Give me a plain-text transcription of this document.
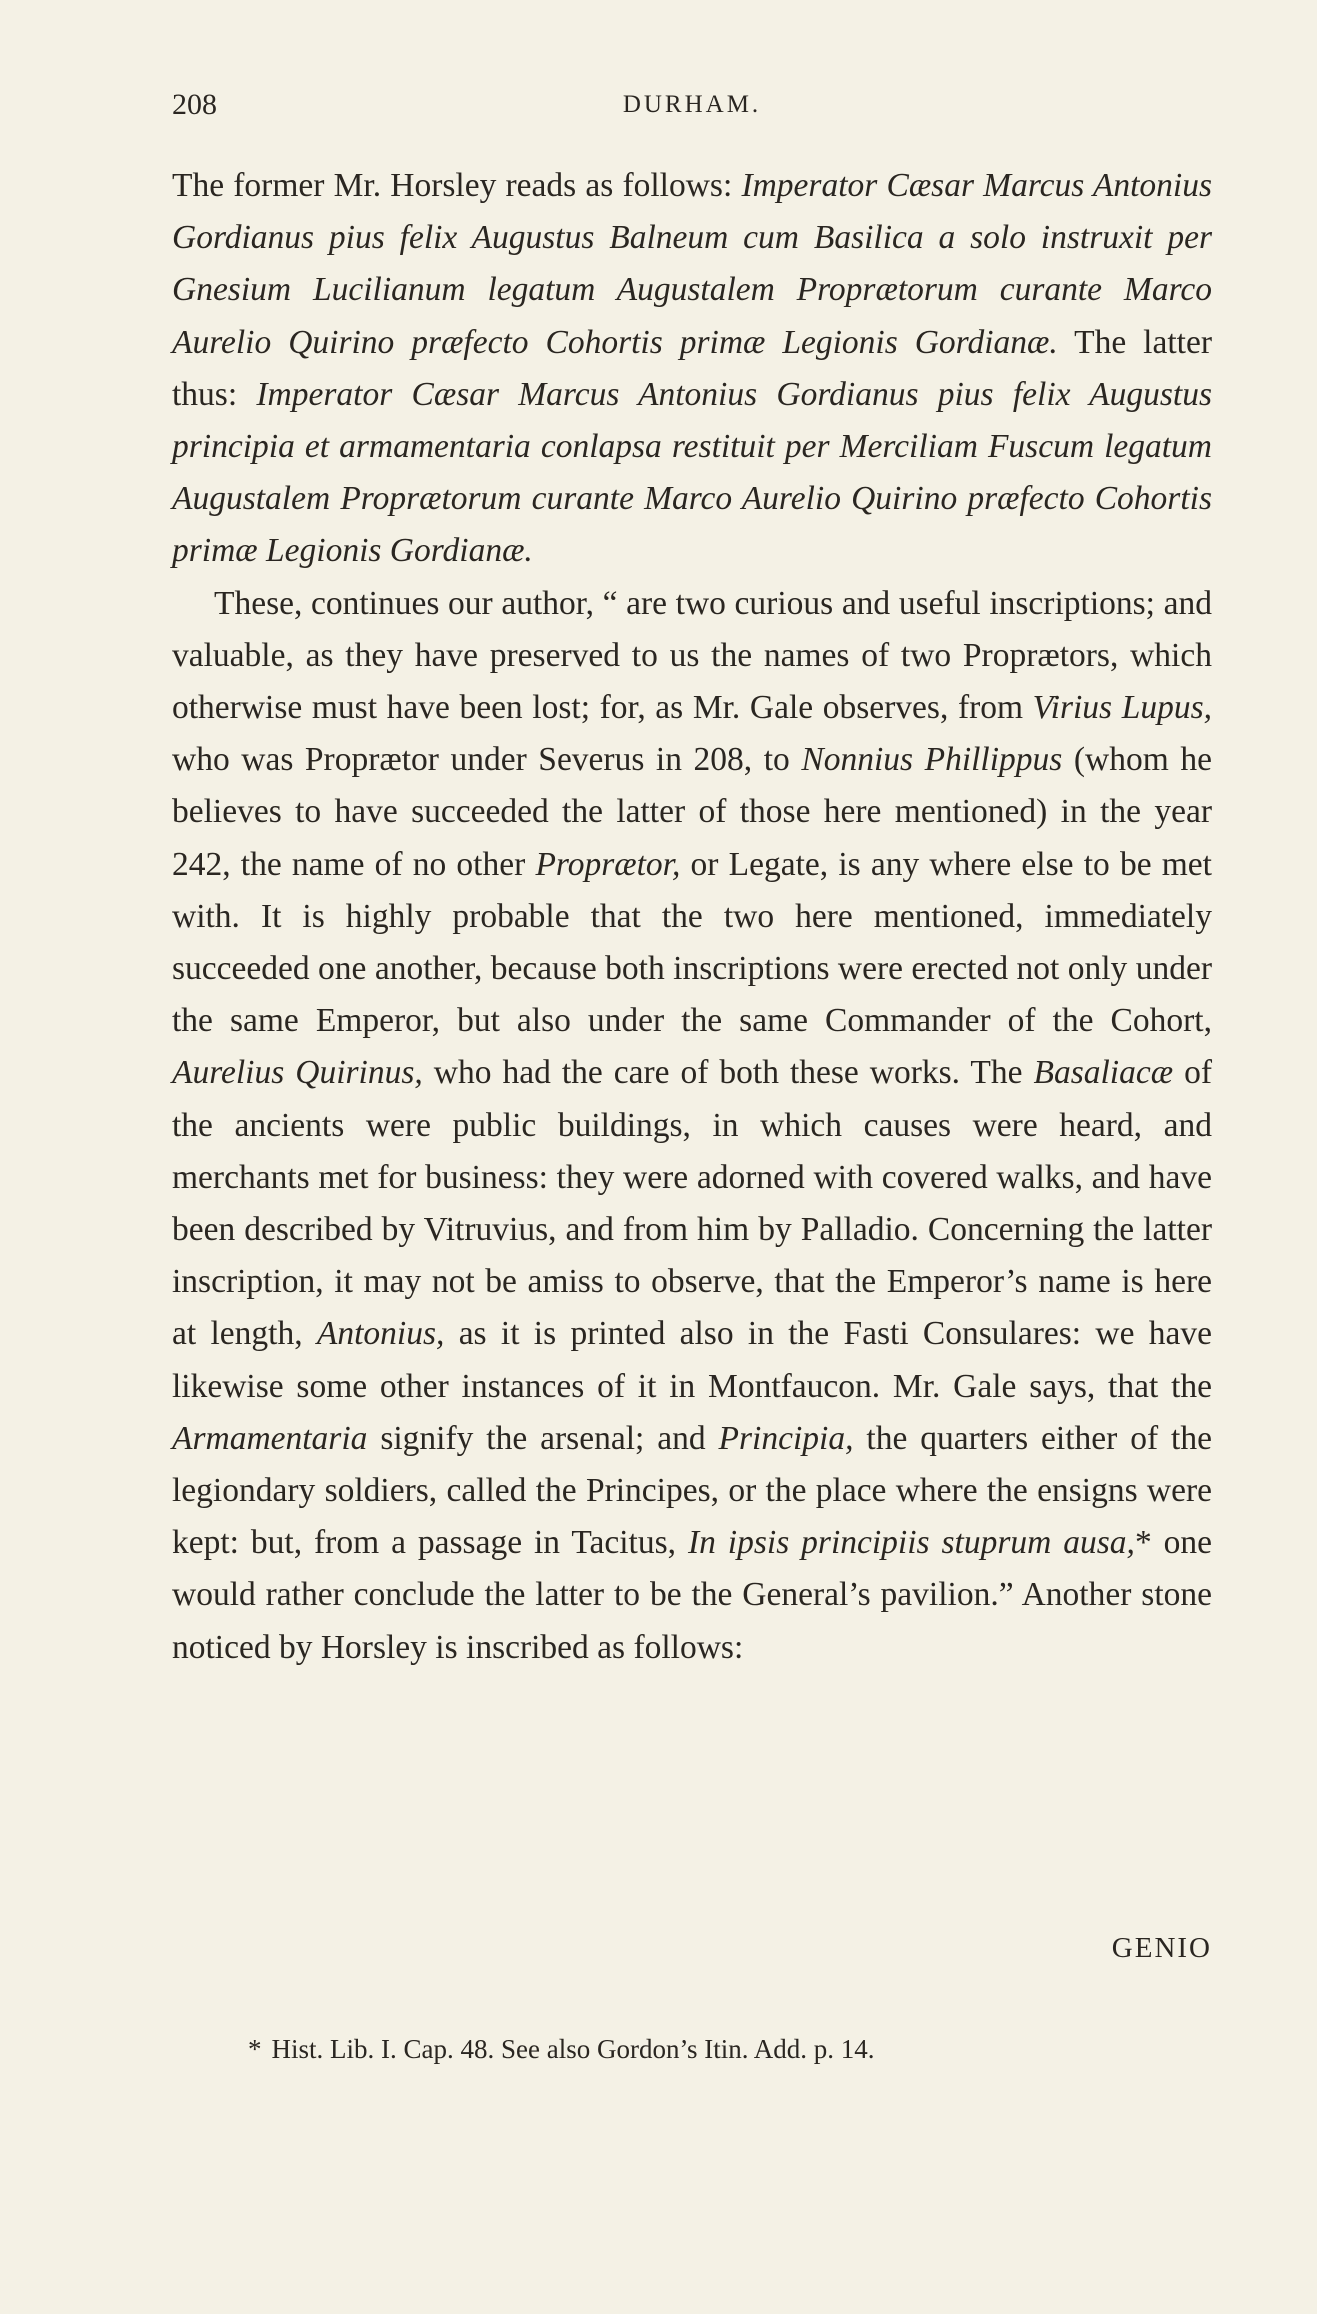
208	DURHAM.

The former Mr. Horsley reads as follows: Imperator Cæsar Marcus Antonius Gordianus pius felix Augustus Balneum cum Basilica a solo instruxit per Gnesium Lucilianum legatum Augustalem Proprætorum curante Marco Aurelio Quirino præfecto Cohortis primæ Legionis Gordianæ. The latter thus: Imperator Cæsar Marcus Antonius Gordianus pius felix Augustus principia et armamentaria conlapsa restituit per Merciliam Fuscum legatum Augustalem Proprætorum curante Marco Aurelio Quirino præfecto Cohortis primæ Legionis Gordianæ.

These, continues our author, “ are two curious and useful inscriptions; and valuable, as they have preserved to us the names of two Proprætors, which otherwise must have been lost; for, as Mr. Gale observes, from Virius Lupus, who was Proprætor under Severus in 208, to Nonnius Phillippus (whom he believes to have succeeded the latter of those here mentioned) in the year 242, the name of no other Proprætor, or Legate, is any where else to be met with. It is highly probable that the two here mentioned, immediately succeeded one another, because both inscriptions were erected not only under the same Emperor, but also under the same Commander of the Cohort, Aurelius Quirinus, who had the care of both these works. The Basaliacæ of the ancients were public buildings, in which causes were heard, and merchants met for business: they were adorned with covered walks, and have been described by Vitruvius, and from him by Palladio. Concerning the latter inscription, it may not be amiss to observe, that the Emperor’s name is here at length, Antonius, as it is printed also in the Fasti Consulares: we have likewise some other instances of it in Montfaucon. Mr. Gale says, that the Armamentaria signify the arsenal; and Principia, the quarters either of the legiondary soldiers, called the Principes, or the place where the ensigns were kept: but, from a passage in Tacitus, In ipsis principiis stuprum ausa,* one would rather conclude the latter to be the General’s pavilion.” Another stone noticed by Horsley is inscribed as follows:

GENIO
* Hist. Lib. I. Cap. 48. See also Gordon’s Itin. Add. p. 14.
